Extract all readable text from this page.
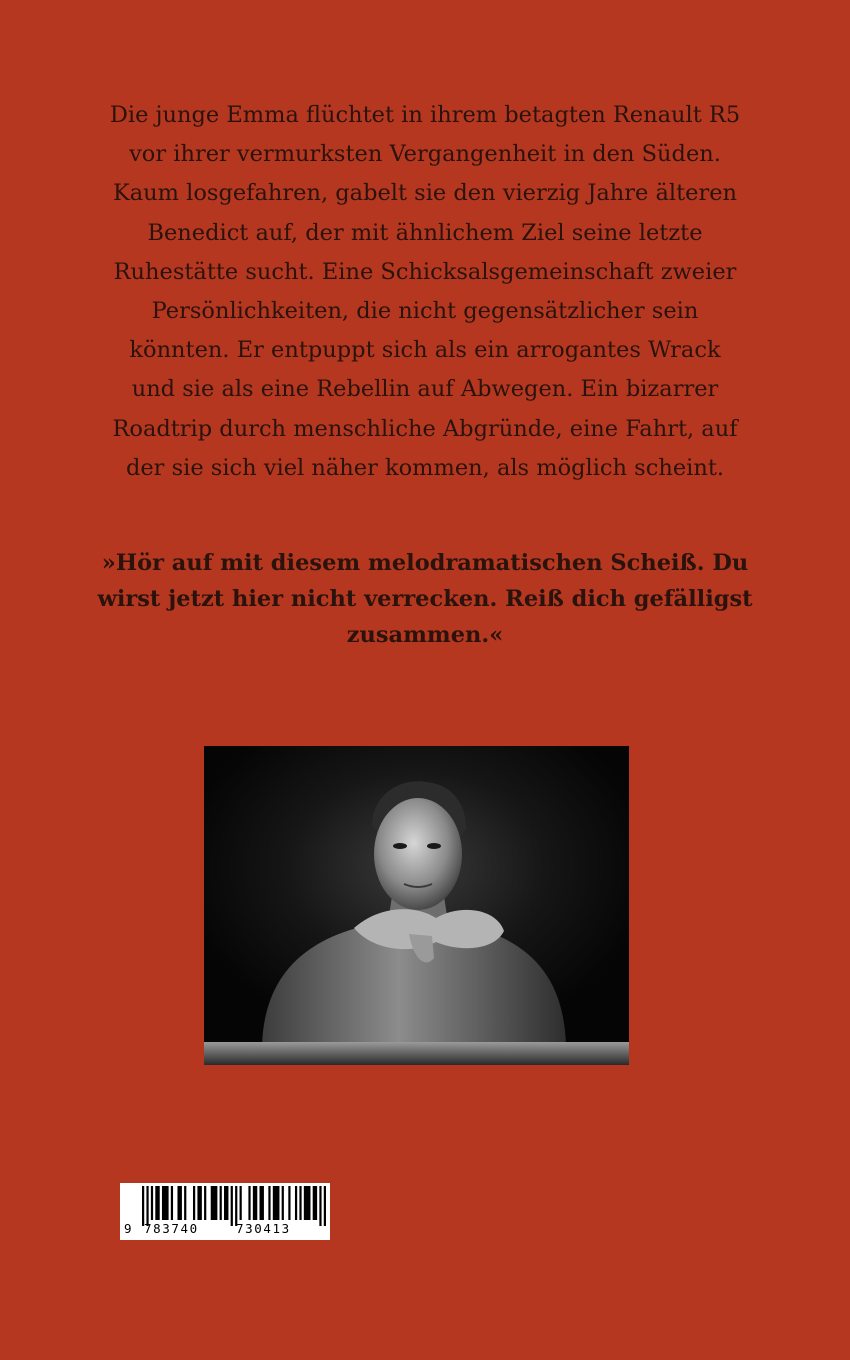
Die junge Emma flüchtet in ihrem betagten Renault R5
vor ihrer vermurksten Vergangenheit in den Süden.
Kaum losgefahren, gabelt sie den vierzig Jahre älteren
Benedict auf, der mit ähnlichem Ziel seine letzte
Ruhestätte sucht. Eine Schicksalsgemeinschaft zweier
Persönlichkeiten, die nicht gegensätzlicher sein
könnten. Er entpuppt sich als ein arrogantes Wrack
und sie als eine Rebellin auf Abwegen. Ein bizarrer
Roadtrip durch menschliche Abgründe, eine Fahrt, auf
der sie sich viel näher kommen, als möglich scheint.

»Hör auf mit diesem melodramatischen Scheiß. Du
wirst jetzt hier nicht verrecken. Reiß dich gefälligst
zusammen.«

9 783740	730413
